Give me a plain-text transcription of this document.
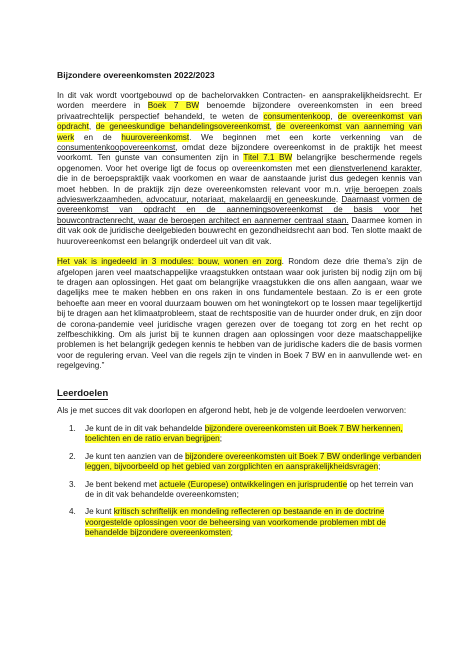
Bijzondere overeenkomsten 2022/2023

In dit vak wordt voortgebouwd op de bachelorvakken Contracten- en aansprakelijkheidsrecht. Er worden meerdere in Boek 7 BW benoemde bijzondere overeenkomsten in een breed privaatrechtelijk perspectief behandeld, te weten de consumentenkoop, de overeenkomst van opdracht, de geneeskundige behandelingsovereenkomst, de overeenkomst van aanneming van werk en de huurovereenkomst. We beginnen met een korte verkenning van de consumentenkoopovereenkomst, omdat deze bijzondere overeenkomst in de praktijk het meest voorkomt. Ten gunste van consumenten zijn in Titel 7.1 BW belangrijke beschermende regels opgenomen. Voor het overige ligt de focus op overeenkomsten met een dienstverlenend karakter, die in de beroepspraktijk vaak voorkomen en waar de aanstaande jurist dus gedegen kennis van moet hebben. In de praktijk zijn deze overeenkomsten relevant voor m.n. vrije beroepen zoals advieswerkzaamheden, advocatuur, notariaat, makelaardij en geneeskunde. Daarnaast vormen de overeenkomst van opdracht en de aannemingsovereenkomst de basis voor het bouwcontractenrecht, waar de beroepen architect en aannemer centraal staan. Daarmee komen in dit vak ook de juridische deelgebieden bouwrecht en gezondheidsrecht aan bod. Ten slotte maakt de huurovereenkomst een belangrijk onderdeel uit van dit vak.

Het vak is ingedeeld in 3 modules: bouw, wonen en zorg. Rondom deze drie thema’s zijn de afgelopen jaren veel maatschappelijke vraagstukken ontstaan waar ook juristen bij nodig zijn om bij te dragen aan oplossingen. Het gaat om belangrijke vraagstukken die ons allen aangaan, waar we dagelijks mee te maken hebben en ons raken in ons fundamentele bestaan. Zo is er een grote behoefte aan meer en vooral duurzaam bouwen om het woningtekort op te lossen maar tegelijkertijd bij te dragen aan het klimaatprobleem, staat de rechtspositie van de huurder onder druk, en zijn door de corona-pandemie veel juridische vragen gerezen over de toegang tot zorg en het recht op zelfbeschikking. Om als jurist bij te kunnen dragen aan oplossingen voor deze maatschappelijke problemen is het belangrijk gedegen kennis te hebben van de juridische kaders die de basis vormen voor de regulering ervan. Veel van die regels zijn te vinden in Boek 7 BW en in aanvullende wet- en regelgeving.”

Leerdoelen

Als je met succes dit vak doorlopen en afgerond hebt, heb je de volgende leerdoelen verworven:

1. Je kunt de in dit vak behandelde bijzondere overeenkomsten uit Boek 7 BW herkennen, toelichten en de ratio ervan begrijpen;
2. Je kunt ten aanzien van de bijzondere overeenkomsten uit Boek 7 BW onderlinge verbanden leggen, bijvoorbeeld op het gebied van zorgplichten en aansprakelijkheidsvragen;
3. Je bent bekend met actuele (Europese) ontwikkelingen en jurisprudentie op het terrein van de in dit vak behandelde overeenkomsten;
4. Je kunt kritisch schriftelijk en mondeling reflecteren op bestaande en in de doctrine voorgestelde oplossingen voor de beheersing van voorkomende problemen mbt de behandelde bijzondere overeenkomsten;
